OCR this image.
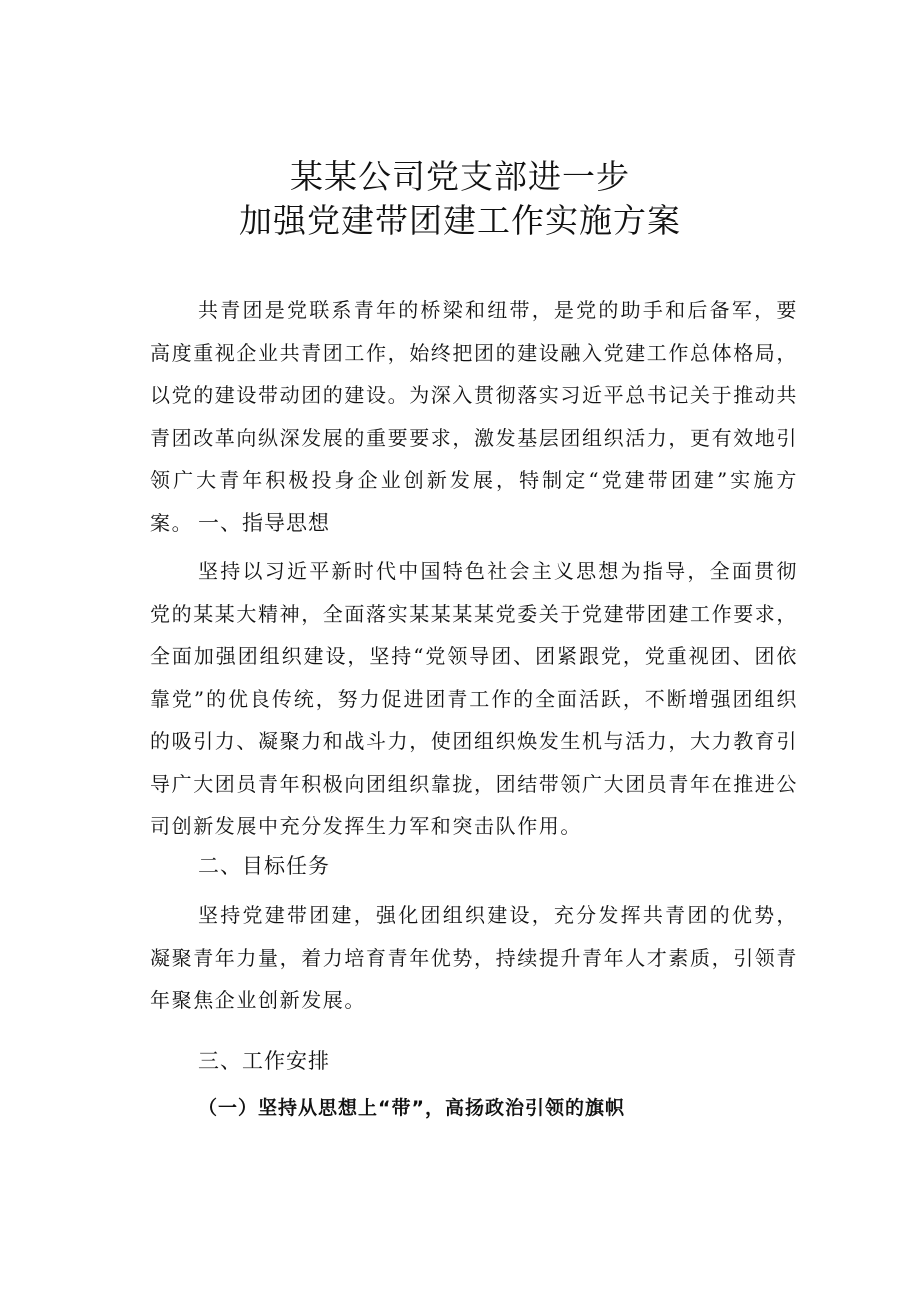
某某公司党支部进一步
加强党建带团建工作实施方案

共青团是党联系青年的桥梁和纽带，是党的助手和后备军，要高度重视企业共青团工作，始终把团的建设融入党建工作总体格局，以党的建设带动团的建设。为深入贯彻落实习近平总书记关于推动共青团改革向纵深发展的重要要求，激发基层团组织活力，更有效地引领广大青年积极投身企业创新发展，特制定“党建带团建”实施方案。 一、指导思想

坚持以习近平新时代中国特色社会主义思想为指导，全面贯彻党的某某大精神，全面落实某某某某党委关于党建带团建工作要求，全面加强团组织建设，坚持“党领导团、团紧跟党，党重视团、团依靠党”的优良传统，努力促进团青工作的全面活跃，不断增强团组织的吸引力、凝聚力和战斗力，使团组织焕发生机与活力，大力教育引导广大团员青年积极向团组织靠拢，团结带领广大团员青年在推进公司创新发展中充分发挥生力军和突击队作用。

二、目标任务

坚持党建带团建，强化团组织建设，充分发挥共青团的优势，凝聚青年力量，着力培育青年优势，持续提升青年人才素质，引领青年聚焦企业创新发展。

三、工作安排
（一）坚持从思想上“带”，高扬政治引领的旗帜
